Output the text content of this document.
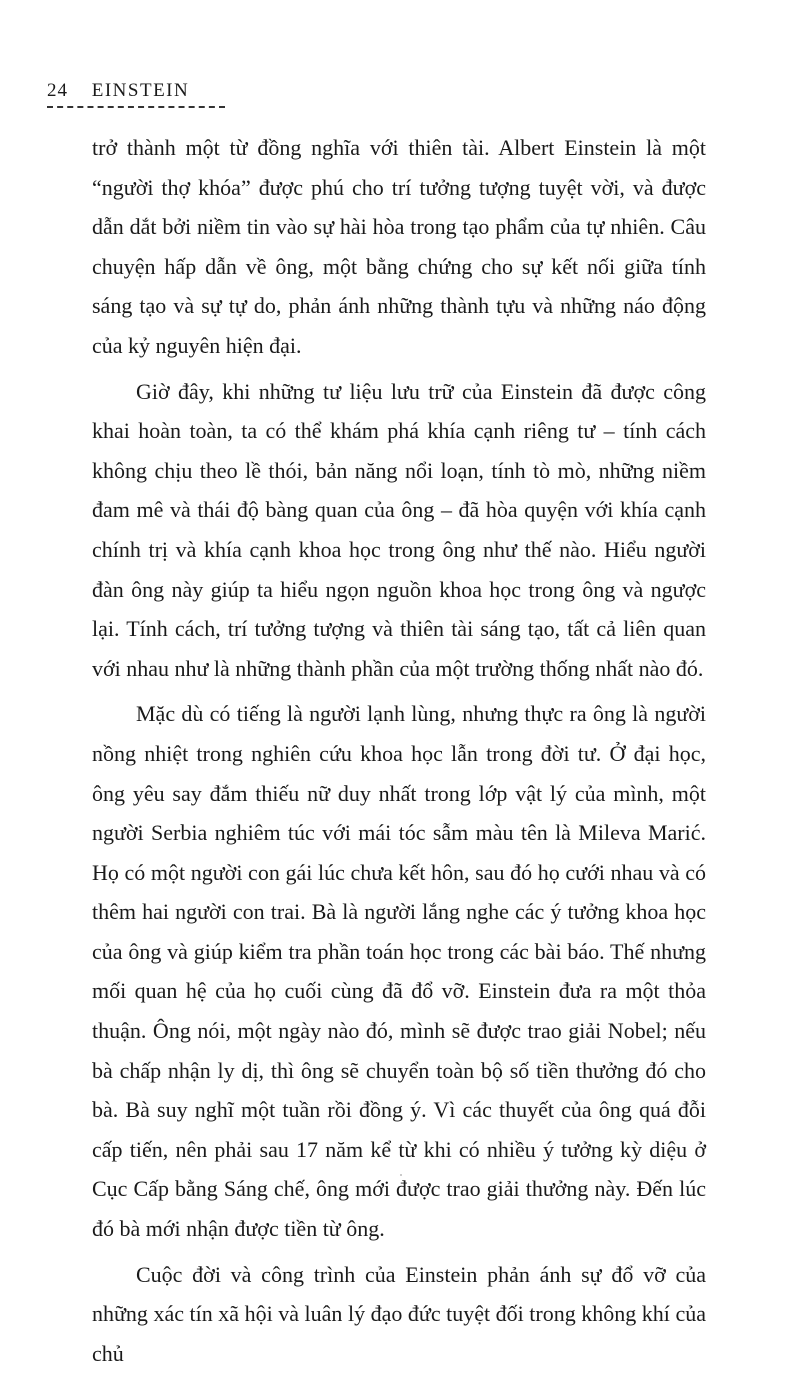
24 EINSTEIN

trở thành một từ đồng nghĩa với thiên tài. Albert Einstein là một “người thợ khóa” được phú cho trí tưởng tượng tuyệt vời, và được dẫn dắt bởi niềm tin vào sự hài hòa trong tạo phẩm của tự nhiên. Câu chuyện hấp dẫn về ông, một bằng chứng cho sự kết nối giữa tính sáng tạo và sự tự do, phản ánh những thành tựu và những náo động của kỷ nguyên hiện đại.

Giờ đây, khi những tư liệu lưu trữ của Einstein đã được công khai hoàn toàn, ta có thể khám phá khía cạnh riêng tư – tính cách không chịu theo lề thói, bản năng nổi loạn, tính tò mò, những niềm đam mê và thái độ bàng quan của ông – đã hòa quyện với khía cạnh chính trị và khía cạnh khoa học trong ông như thế nào. Hiểu người đàn ông này giúp ta hiểu ngọn nguồn khoa học trong ông và ngược lại. Tính cách, trí tưởng tượng và thiên tài sáng tạo, tất cả liên quan với nhau như là những thành phần của một trường thống nhất nào đó.

Mặc dù có tiếng là người lạnh lùng, nhưng thực ra ông là người nồng nhiệt trong nghiên cứu khoa học lẫn trong đời tư. Ở đại học, ông yêu say đắm thiếu nữ duy nhất trong lớp vật lý của mình, một người Serbia nghiêm túc với mái tóc sẫm màu tên là Mileva Marić. Họ có một người con gái lúc chưa kết hôn, sau đó họ cưới nhau và có thêm hai người con trai. Bà là người lắng nghe các ý tưởng khoa học của ông và giúp kiểm tra phần toán học trong các bài báo. Thế nhưng mối quan hệ của họ cuối cùng đã đổ vỡ. Einstein đưa ra một thỏa thuận. Ông nói, một ngày nào đó, mình sẽ được trao giải Nobel; nếu bà chấp nhận ly dị, thì ông sẽ chuyển toàn bộ số tiền thưởng đó cho bà. Bà suy nghĩ một tuần rồi đồng ý. Vì các thuyết của ông quá đỗi cấp tiến, nên phải sau 17 năm kể từ khi có nhiều ý tưởng kỳ diệu ở Cục Cấp bằng Sáng chế, ông mới được trao giải thưởng này. Đến lúc đó bà mới nhận được tiền từ ông.

Cuộc đời và công trình của Einstein phản ánh sự đổ vỡ của những xác tín xã hội và luân lý đạo đức tuyệt đối trong không khí của chủ
